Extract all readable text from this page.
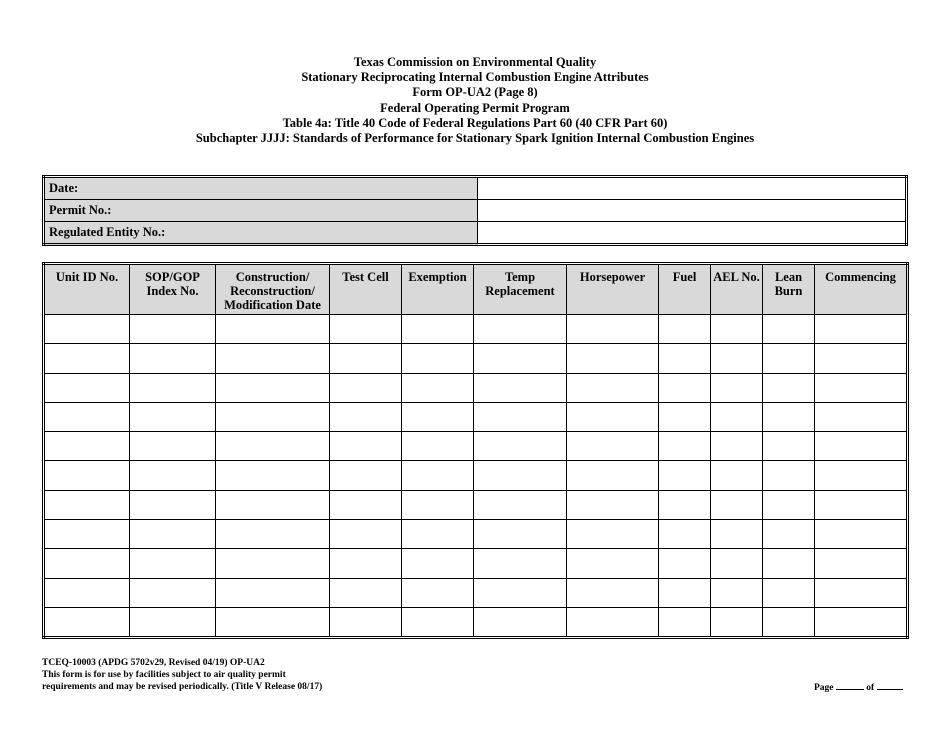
Texas Commission on Environmental Quality
Stationary Reciprocating Internal Combustion Engine Attributes
Form OP-UA2 (Page 8)
Federal Operating Permit Program
Table 4a: Title 40 Code of Federal Regulations Part 60 (40 CFR Part 60)
Subchapter JJJJ: Standards of Performance for Stationary Spark Ignition Internal Combustion Engines
Date:	
Permit No.:	
Regulated Entity No.:	
Unit ID No.	SOP/GOP Index No.	Construction/ Reconstruction/ Modification Date	Test Cell	Exemption	Temp Replacement	Horsepower	Fuel	AEL No.	Lean Burn	Commencing

TCEQ-10003 (APDG 5702v29, Revised 04/19) OP-UA2
This form is for use by facilities subject to air quality permit
requirements and may be revised periodically. (Title V Release 08/17)	Page	of
